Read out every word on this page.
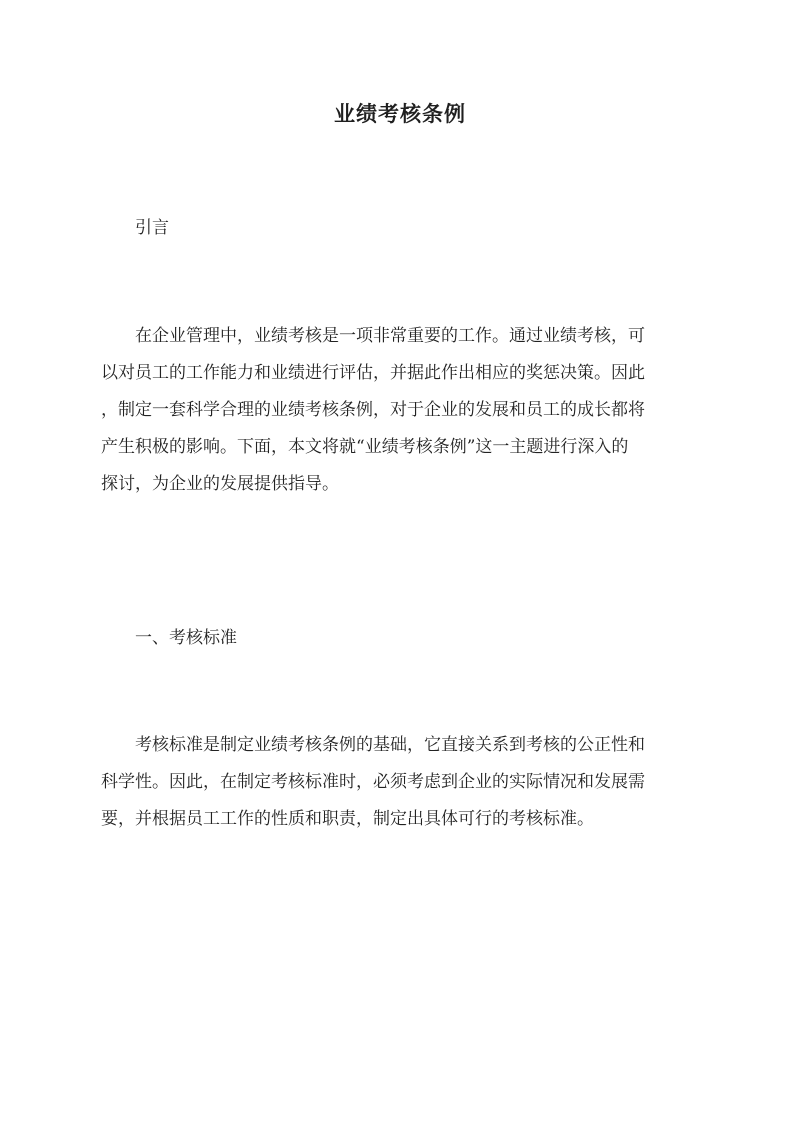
业绩考核条例
引言
在企业管理中，业绩考核是一项非常重要的工作。通过业绩考核，可
以对员工的工作能力和业绩进行评估，并据此作出相应的奖惩决策。因此
，制定一套科学合理的业绩考核条例，对于企业的发展和员工的成长都将
产生积极的影响。下面，本文将就“业绩考核条例”这一主题进行深入的
探讨，为企业的发展提供指导。
一、考核标准
考核标准是制定业绩考核条例的基础，它直接关系到考核的公正性和
科学性。因此，在制定考核标准时，必须考虑到企业的实际情况和发展需
要，并根据员工工作的性质和职责，制定出具体可行的考核标准。
